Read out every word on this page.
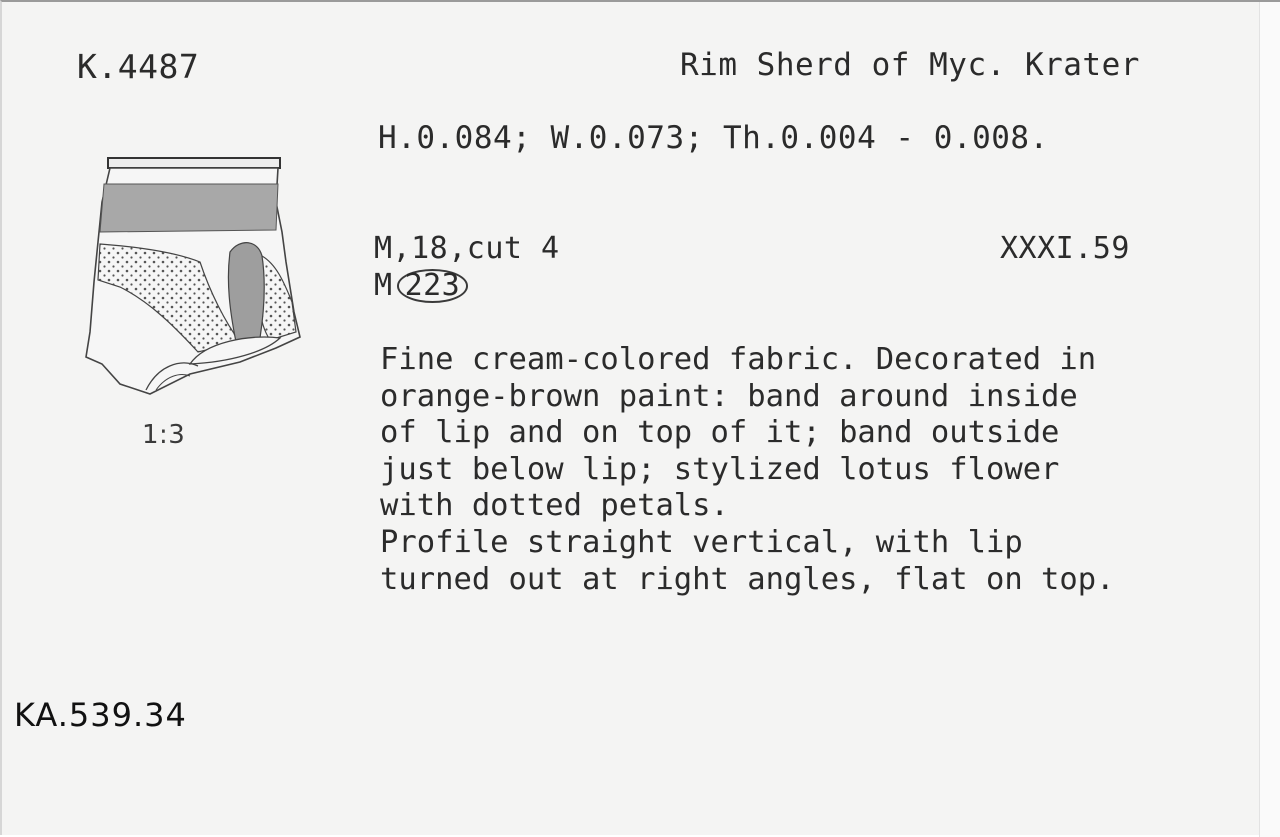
K.4487	Rim Sherd of Myc. Krater
H.0.084; W.0.073; Th.0.004 - 0.008.
M,18,cut 4	XXXI.59
M 223
Fine cream-colored fabric. Decorated in
orange-brown paint: band around inside
of lip and on top of it; band outside
just below lip; stylized lotus flower
with dotted petals.
Profile straight vertical, with lip
turned out at right angles, flat on top.
1:3
KA.539.34
